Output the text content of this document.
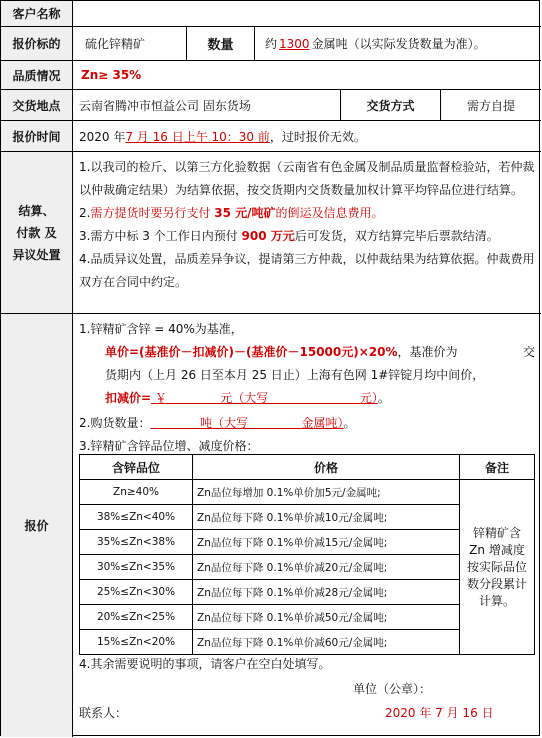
客户名称
报价标的	硫化锌精矿	数量	约 1300 金属吨（以实际发货数量为准）。
品质情况	Zn≥ 35%
交货地点	云南省腾冲市恒益公司 固东货场	交货方式	需方自提
报价时间	2020 年 7 月 16 日上午 10：30 前 ，过时报价无效。
结算、
付款 及
异议处置
1.以我司的检斤、以第三方化验数据（云南省有色金属及制品质量监督检验站，若仲裁以仲裁确定结果）为结算依据，按交货期内交货数量加权计算平均锌品位进行结算。
2.需方提货时要另行支付 35 元/吨矿的倒运及信息费用。
3.需方中标 3 个工作日内预付 900 万元后可发货，双方结算完毕后票款结清。
4.品质异议处置，品质差异争议，提请第三方仲裁，以仲裁结果为结算依据。仲裁费用双方在合同中约定。
报价
1.锌精矿含锌 = 40%为基准，
单价=(基准价－扣减价)－(基准价－15000元)×20%，基准价为	交
货期内（上月 26 日至本月 25 日止）上海有色网 1#锌锭月均中间价，
扣减价= ￥              元（大写                        元）。
2.购货数量：             吨（大写              金属吨）。
3.锌精矿含锌品位增、减度价格：
含锌品位	价格	备注
Zn≥40%	Zn品位每增加 0.1%单价加5元/金属吨;	锌精矿含 Zn 增减度按实际品位数分段累计计算。
38%≤Zn<40%	Zn品位每下降 0.1%单价减10元/金属吨;	
35%≤Zn<38%	Zn品位每下降 0.1%单价减15元/金属吨;	
30%≤Zn<35%	Zn品位每下降 0.1%单价减20元/金属吨;	
25%≤Zn<30%	Zn品位每下降 0.1%单价减28元/金属吨;	
20%≤Zn<25%	Zn品位每下降 0.1%单价减50元/金属吨;	
15%≤Zn<20%	Zn品位每下降 0.1%单价减60元/金属吨;	
4.其余需要说明的事项，请客户在空白处填写。
单位（公章）：
联系人：	2020 年 7 月 16 日
